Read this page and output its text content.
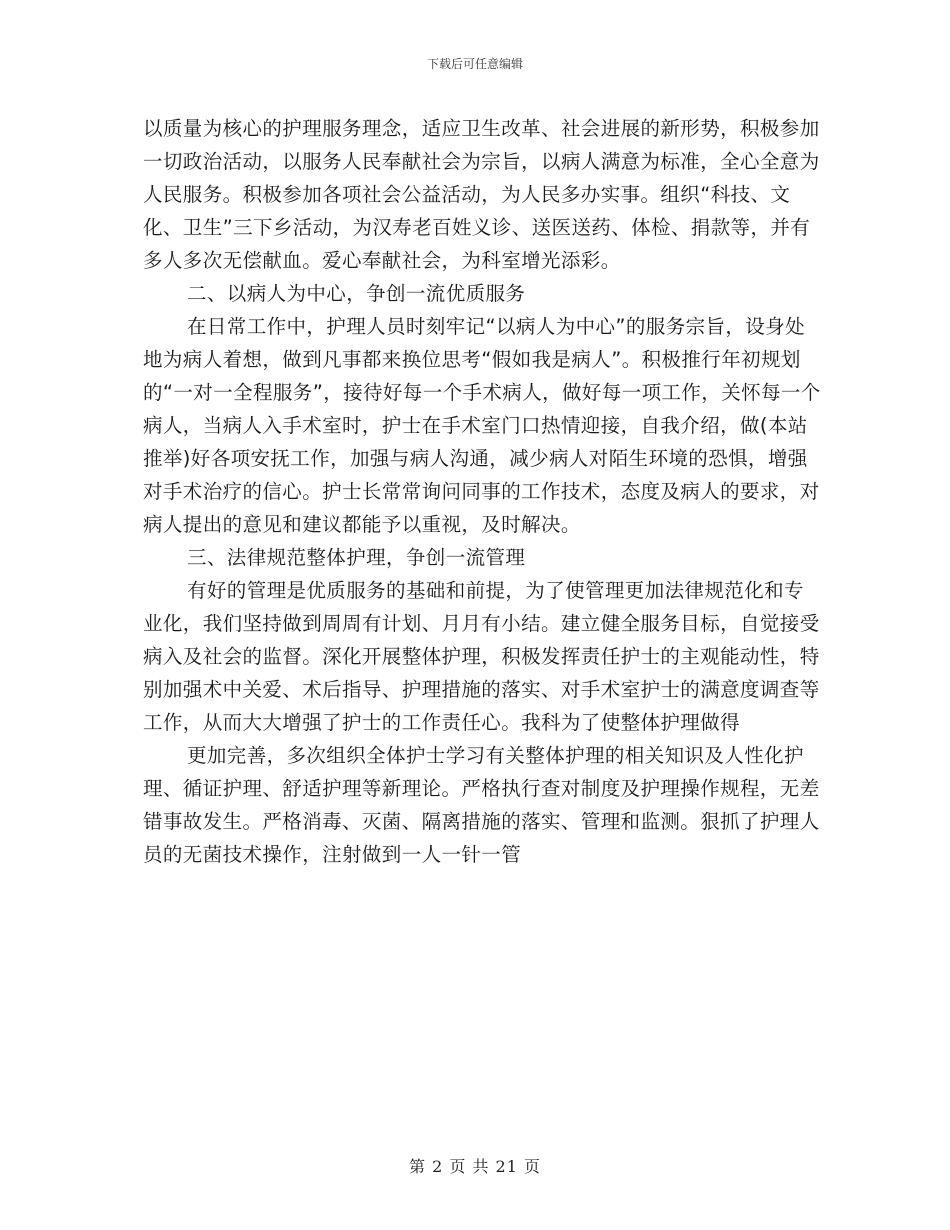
下载后可任意编辑

以质量为核心的护理服务理念，适应卫生改革、社会进展的新形势，积极参加一切政治活动，以服务人民奉献社会为宗旨，以病人满意为标准，全心全意为人民服务。积极参加各项社会公益活动，为人民多办实事。组织“科技、文化、卫生”三下乡活动，为汉寿老百姓义诊、送医送药、体检、捐款等，并有多人多次无偿献血。爱心奉献社会，为科室增光添彩。

二、以病人为中心，争创一流优质服务

在日常工作中，护理人员时刻牢记“以病人为中心”的服务宗旨，设身处地为病人着想，做到凡事都来换位思考“假如我是病人”。积极推行年初规划的“一对一全程服务”，接待好每一个手术病人，做好每一项工作，关怀每一个病人，当病人入手术室时，护士在手术室门口热情迎接，自我介绍，做(本站 推举)好各项安抚工作，加强与病人沟通，减少病人对陌生环境的恐惧，增强对手术治疗的信心。护士长常常询问同事的工作技术，态度及病人的要求，对病人提出的意见和建议都能予以重视，及时解决。

三、法律规范整体护理，争创一流管理

有好的管理是优质服务的基础和前提，为了使管理更加法律规范化和专业化，我们坚持做到周周有计划、月月有小结。建立健全服务目标，自觉接受病入及社会的监督。深化开展整体护理，积极发挥责任护士的主观能动性，特别加强术中关爱、术后指导、护理措施的落实、对手术室护士的满意度调查等工作，从而大大增强了护士的工作责任心。我科为了使整体护理做得

更加完善，多次组织全体护士学习有关整体护理的相关知识及人性化护理、循证护理、舒适护理等新理论。严格执行查对制度及护理操作规程，无差错事故发生。严格消毒、灭菌、隔离措施的落实、管理和监测。狠抓了护理人员的无菌技术操作，注射做到一人一针一管

第 2 页 共 21 页
